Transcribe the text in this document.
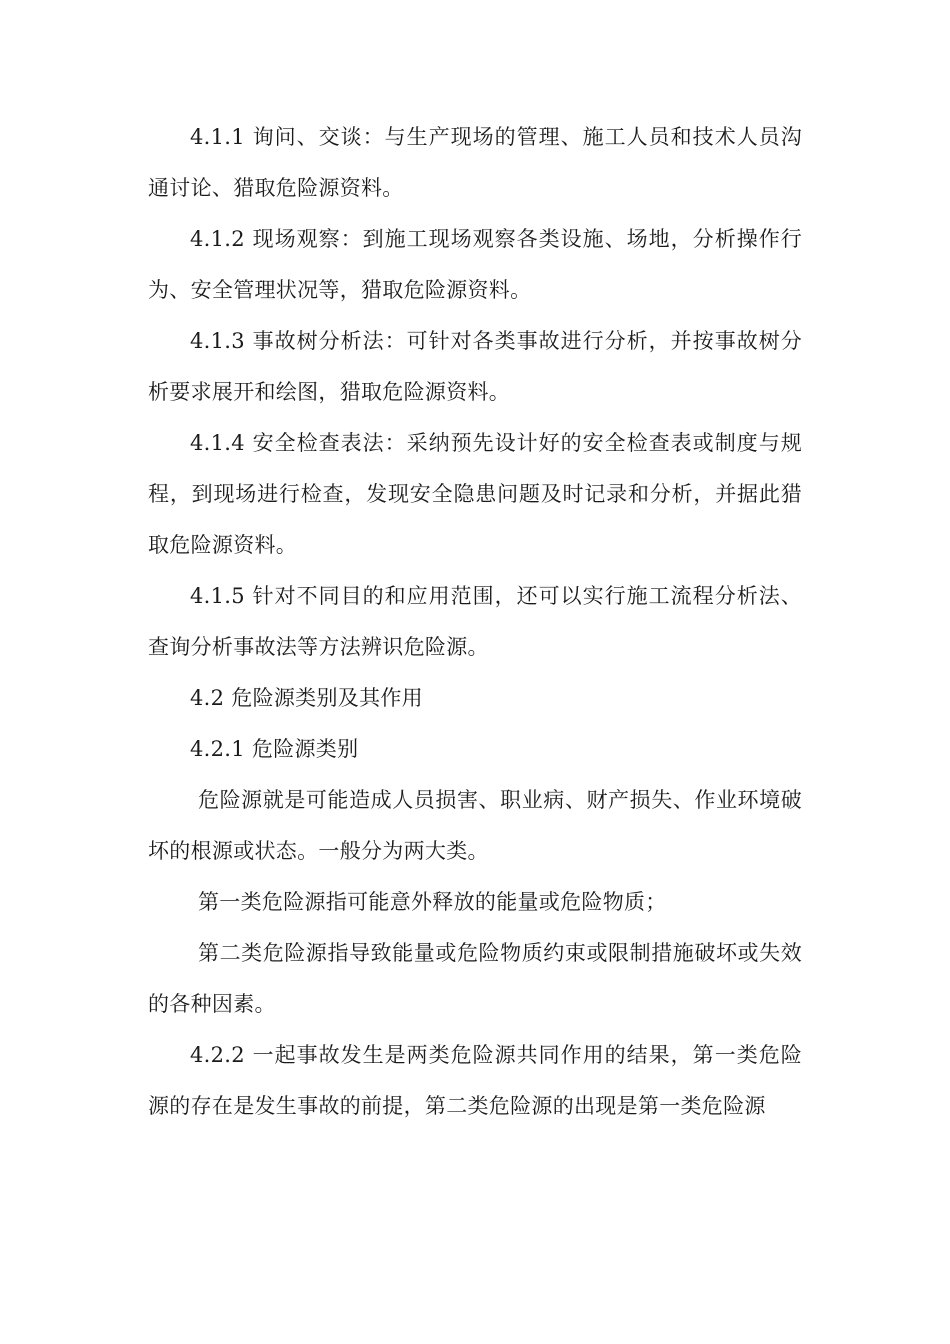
4.1.1 询问、交谈：与生产现场的管理、施工人员和技术人员沟通讨论、猎取危险源资料。

4.1.2 现场观察：到施工现场观察各类设施、场地，分析操作行为、安全管理状况等，猎取危险源资料。

4.1.3 事故树分析法：可针对各类事故进行分析，并按事故树分析要求展开和绘图，猎取危险源资料。

4.1.4 安全检查表法：采纳预先设计好的安全检查表或制度与规程，到现场进行检查，发现安全隐患问题及时记录和分析，并据此猎取危险源资料。

4.1.5 针对不同目的和应用范围，还可以实行施工流程分析法、查询分析事故法等方法辨识危险源。

4.2 危险源类别及其作用

4.2.1 危险源类别

危险源就是可能造成人员损害、职业病、财产损失、作业环境破坏的根源或状态。一般分为两大类。

第一类危险源指可能意外释放的能量或危险物质；

第二类危险源指导致能量或危险物质约束或限制措施破坏或失效的各种因素。

4.2.2 一起事故发生是两类危险源共同作用的结果，第一类危险源的存在是发生事故的前提，第二类危险源的出现是第一类危险源
